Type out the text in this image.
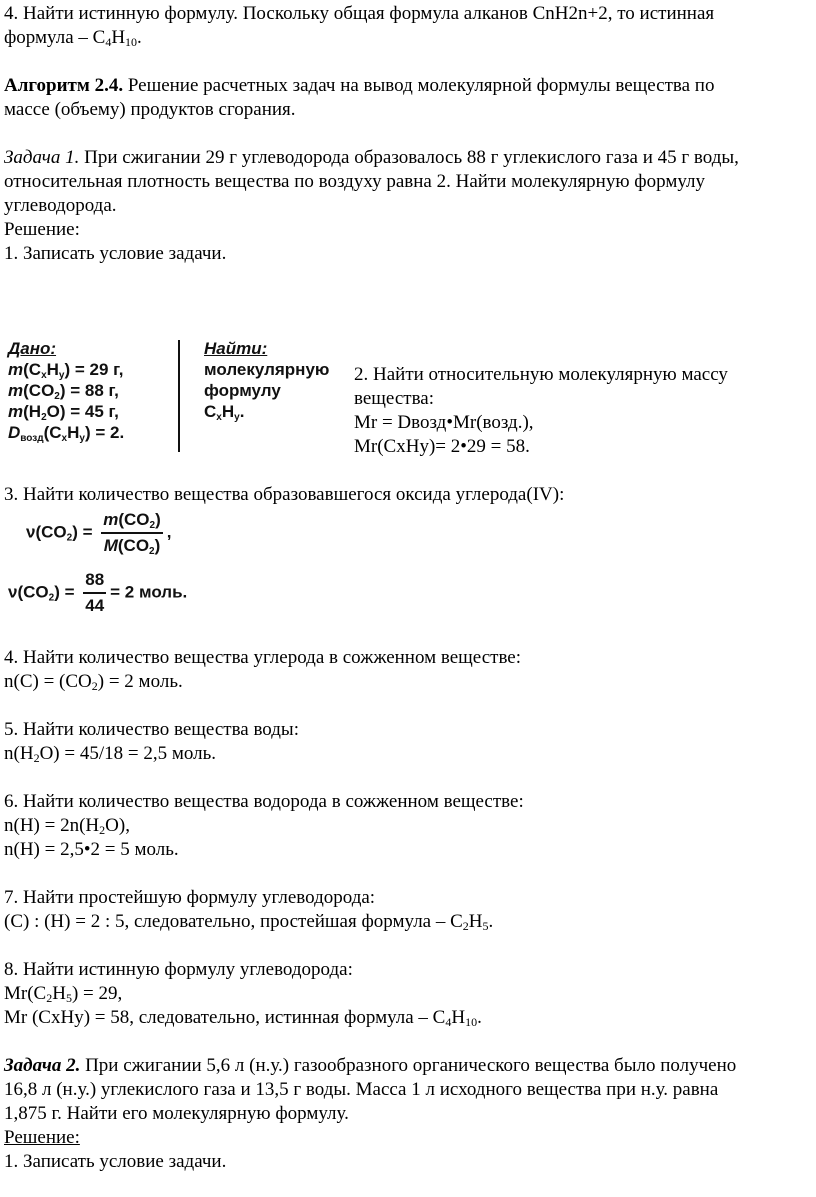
4. Найти истинную формулу. Поскольку общая формула алканов CnH2n+2, то истинная
формула – $C_4H_{10}$.
Алгоритм 2.4. Решение расчетных задач на вывод молекулярной формулы вещества по
массе (объему) продуктов сгорания.
Задача 1. При сжигании 29 г углеводорода образовалось 88 г углекислого газа и 45 г воды,
относительная плотность вещества по воздуху равна 2. Найти молекулярную формулу
углеводорода.
Решение:
1. Записать условие задачи.
Дано:
$m(C_xH_y) = 29$ г,
$m(CO_2) = 88$ г,
$m(H_2O) = 45$ г,
$D_{возд}(C_xH_y) = 2$.
Найти:
молекулярную
формулу
$C_xH_y$.
2. Найти относительную молекулярную массу
вещества:
Mr = Dвозд•Mr(возд.),
Mr(CxHy)= 2•29 = 58.
3. Найти количество вещества образовавшегося оксида углерода(IV):
$\nu(CO_2) = \frac{m(CO_2)}{M(CO_2)}$ ,
$\nu(CO_2) = \frac{88}{44} = 2$ моль.
4. Найти количество вещества углерода в сожженном веществе:
$n(C) = (CO_2) = 2$ моль.
5. Найти количество вещества воды:
$n(H_2O) = 45/18 = 2,5$ моль.
6. Найти количество вещества водорода в сожженном веществе:
$n(H) = 2n(H_2O)$,
n(H) = 2,5•2 = 5 моль.
7. Найти простейшую формулу углеводорода:
(C) : (H) = 2 : 5, следовательно, простейшая формула – $C_2H_5$.
8. Найти истинную формулу углеводорода:
$Mr(C_2H_5) = 29$,
Mr (CxHy) = 58, следовательно, истинная формула – $C_4H_{10}$.
Задача 2. При сжигании 5,6 л (н.у.) газообразного органического вещества было получено
16,8 л (н.у.) углекислого газа и 13,5 г воды. Масса 1 л исходного вещества при н.у. равна
1,875 г. Найти его молекулярную формулу.
Решение:
1. Записать условие задачи.
